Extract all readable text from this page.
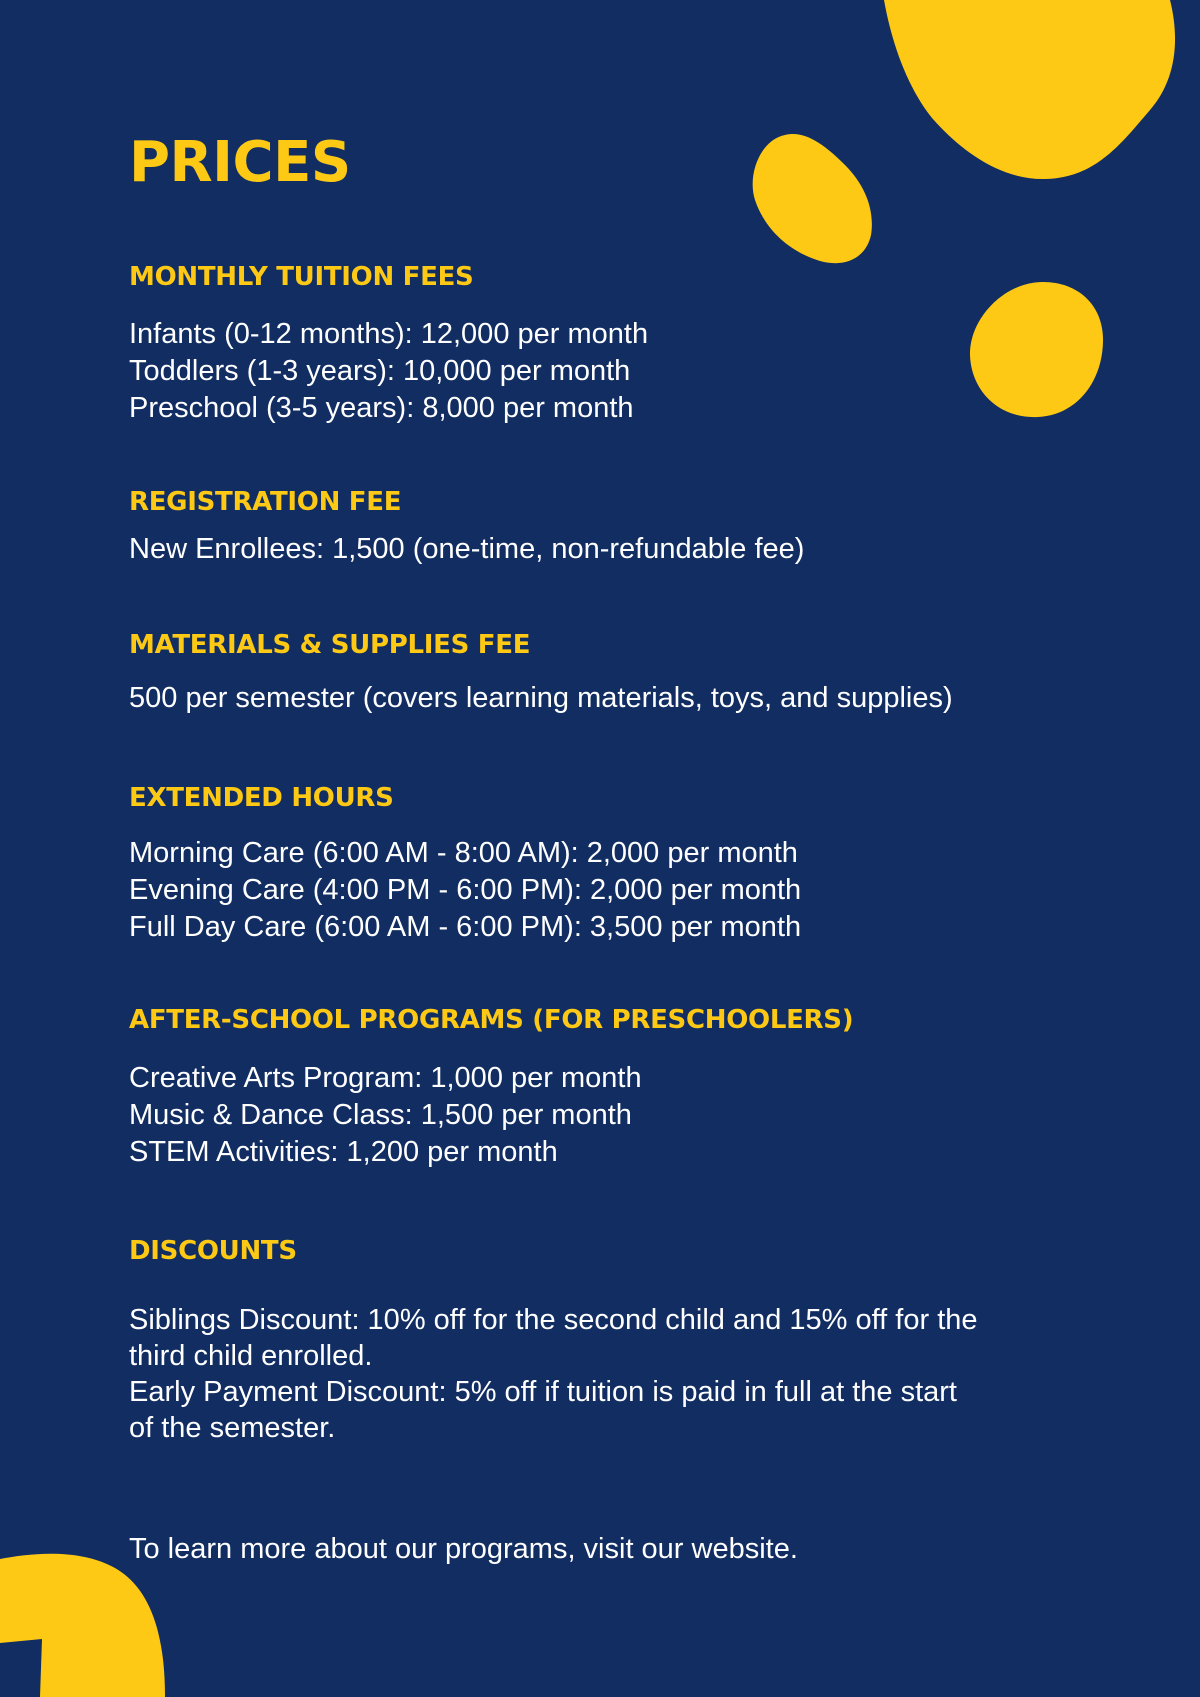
PRICES
MONTHLY TUITION FEES
Infants (0-12 months): 12,000 per month
Toddlers (1-3 years): 10,000 per month
Preschool (3-5 years): 8,000 per month
REGISTRATION FEE
New Enrollees: 1,500 (one-time, non-refundable fee)
MATERIALS & SUPPLIES FEE
500 per semester (covers learning materials, toys, and supplies)
EXTENDED HOURS
Morning Care (6:00 AM - 8:00 AM): 2,000 per month
Evening Care (4:00 PM - 6:00 PM): 2,000 per month
Full Day Care (6:00 AM - 6:00 PM): 3,500 per month
AFTER-SCHOOL PROGRAMS (FOR PRESCHOOLERS)
Creative Arts Program: 1,000 per month
Music & Dance Class: 1,500 per month
STEM Activities: 1,200 per month
DISCOUNTS
Siblings Discount: 10% off for the second child and 15% off for the third child enrolled.
Early Payment Discount: 5% off if tuition is paid in full at the start of the semester.

To learn more about our programs, visit our website.
